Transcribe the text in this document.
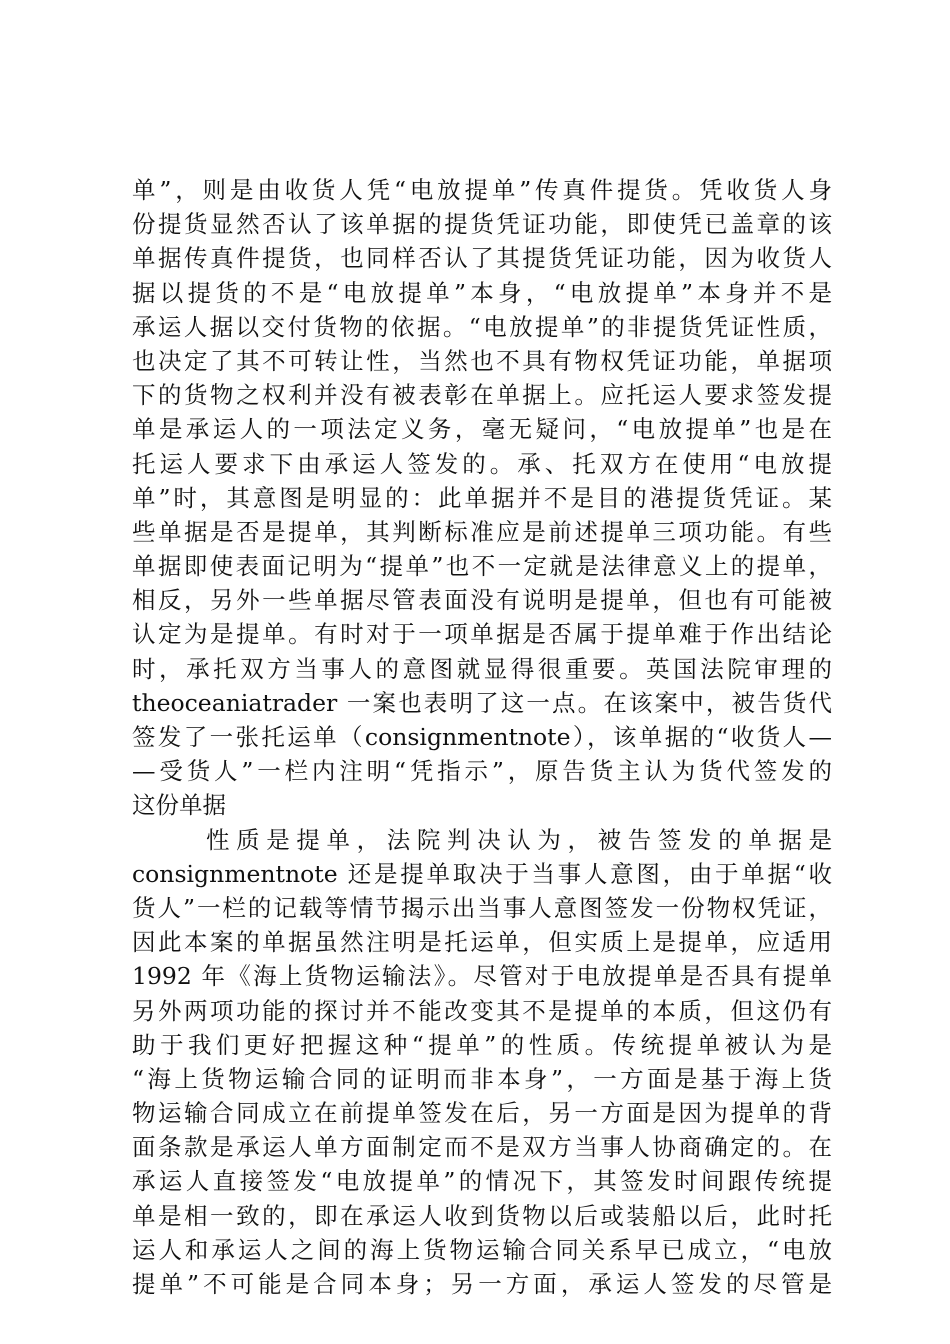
单”，则是由收货人凭“电放提单”传真件提货。凭收货人身
份提货显然否认了该单据的提货凭证功能，即使凭已盖章的该
单据传真件提货，也同样否认了其提货凭证功能，因为收货人
据以提货的不是“电放提单”本身，“电放提单”本身并不是
承运人据以交付货物的依据。“电放提单”的非提货凭证性质，
也决定了其不可转让性，当然也不具有物权凭证功能，单据项
下的货物之权利并没有被表彰在单据上。应托运人要求签发提
单是承运人的一项法定义务，毫无疑问，“电放提单”也是在
托运人要求下由承运人签发的。承、托双方在使用“电放提
单”时，其意图是明显的：此单据并不是目的港提货凭证。某
些单据是否是提单，其判断标准应是前述提单三项功能。有些
单据即使表面记明为“提单”也不一定就是法律意义上的提单，
相反，另外一些单据尽管表面没有说明是提单，但也有可能被
认定为是提单。有时对于一项单据是否属于提单难于作出结论
时，承托双方当事人的意图就显得很重要。英国法院审理的
theoceaniatrader 一案也表明了这一点。在该案中，被告货代
签发了一张托运单（consignmentnote），该单据的“收货人—
—受货人”一栏内注明“凭指示”，原告货主认为货代签发的
这份单据
性质是提单，法院判决认为，被告签发的单据是
consignmentnote 还是提单取决于当事人意图，由于单据“收
货人”一栏的记载等情节揭示出当事人意图签发一份物权凭证，
因此本案的单据虽然注明是托运单，但实质上是提单，应适用
1992 年《海上货物运输法》。尽管对于电放提单是否具有提单
另外两项功能的探讨并不能改变其不是提单的本质，但这仍有
助于我们更好把握这种“提单”的性质。传统提单被认为是
“海上货物运输合同的证明而非本身”，一方面是基于海上货
物运输合同成立在前提单签发在后，另一方面是因为提单的背
面条款是承运人单方面制定而不是双方当事人协商确定的。在
承运人直接签发“电放提单”的情况下，其签发时间跟传统提
单是相一致的，即在承运人收到货物以后或装船以后，此时托
运人和承运人之间的海上货物运输合同关系早已成立，“电放
提单”不可能是合同本身；另一方面，承运人签发的尽管是
